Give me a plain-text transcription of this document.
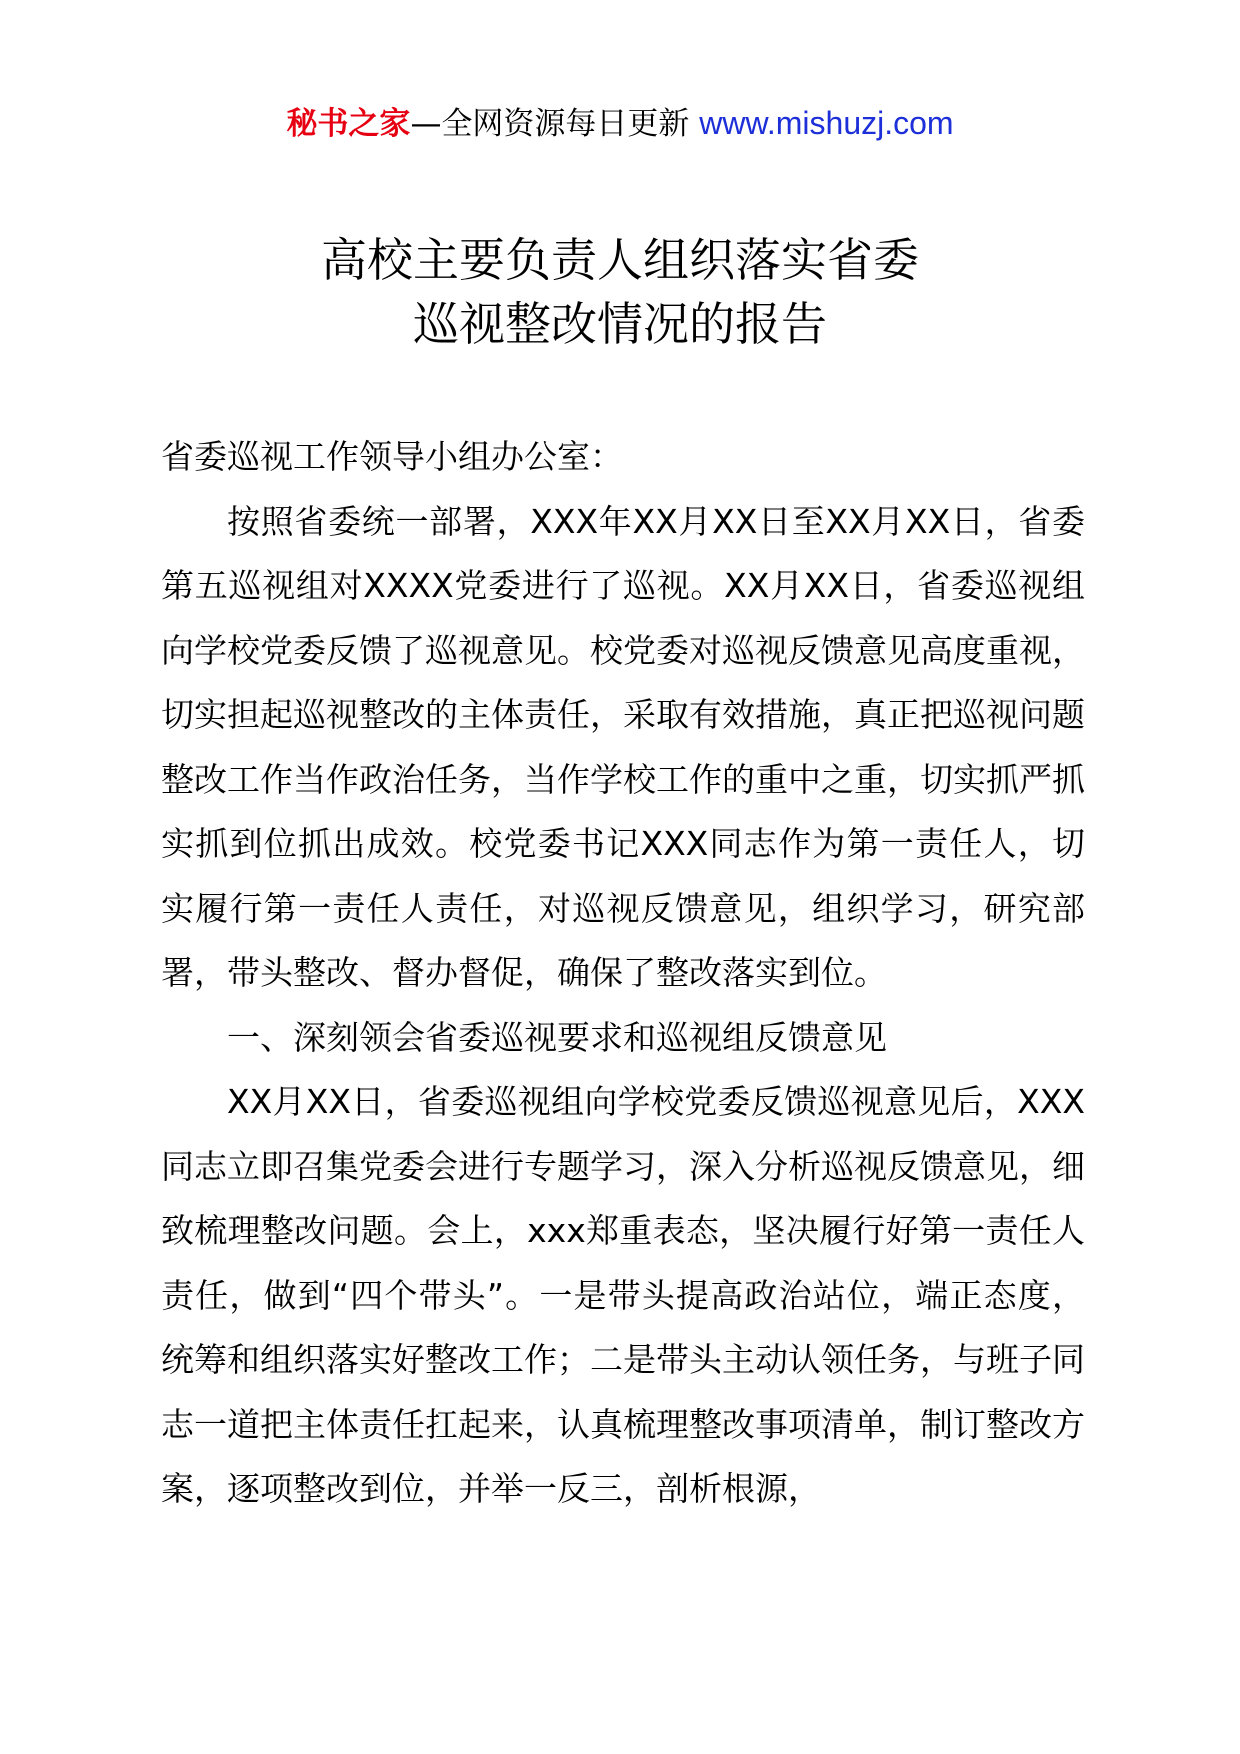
秘书之家—全网资源每日更新 www.mishuzj.com
高校主要负责人组织落实省委
巡视整改情况的报告

省委巡视工作领导小组办公室：

按照省委统一部署，XXX年XX月XX日至XX月XX日，省委第五巡视组对XXXX党委进行了巡视。XX月XX日，省委巡视组向学校党委反馈了巡视意见。校党委对巡视反馈意见高度重视，切实担起巡视整改的主体责任，采取有效措施，真正把巡视问题整改工作当作政治任务，当作学校工作的重中之重，切实抓严抓实抓到位抓出成效。校党委书记XXX同志作为第一责任人，切实履行第一责任人责任，对巡视反馈意见，组织学习，研究部署，带头整改、督办督促，确保了整改落实到位。

一、深刻领会省委巡视要求和巡视组反馈意见

XX月XX日，省委巡视组向学校党委反馈巡视意见后，XXX同志立即召集党委会进行专题学习，深入分析巡视反馈意见，细致梳理整改问题。会上，xxx郑重表态，坚决履行好第一责任人责任，做到“四个带头”。一是带头提高政治站位，端正态度，统筹和组织落实好整改工作；二是带头主动认领任务，与班子同志一道把主体责任扛起来，认真梳理整改事项清单，制订整改方案，逐项整改到位，并举一反三，剖析根源，
